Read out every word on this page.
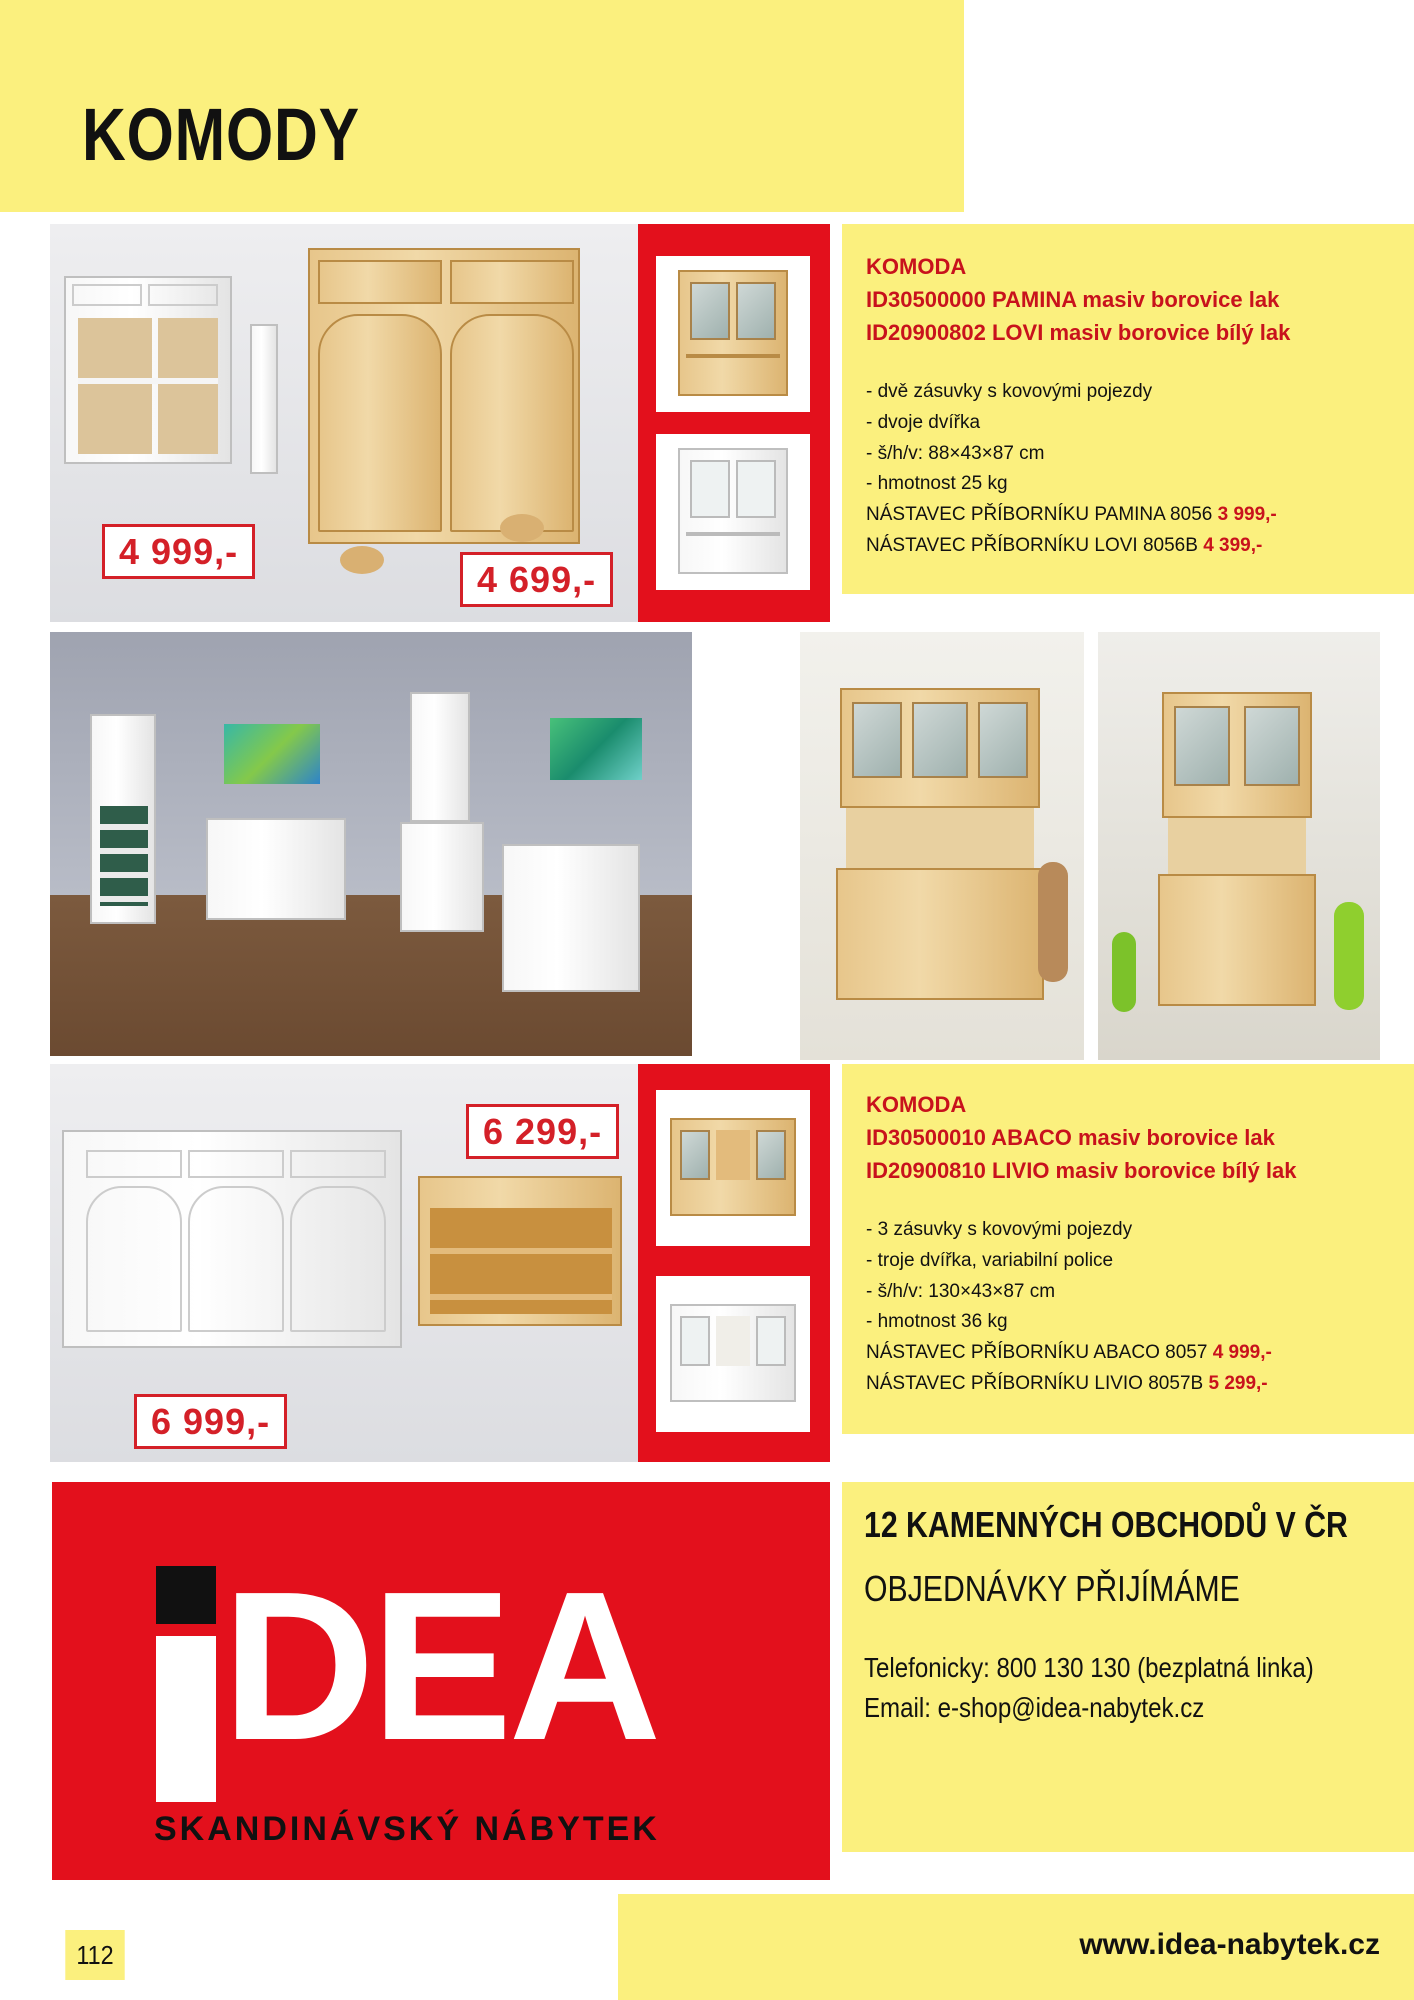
KOMODY
4 999,-
4 699,-
KOMODA
ID30500000 PAMINA masiv borovice lak
ID20900802 LOVI masiv borovice bílý lak
- dvě zásuvky s kovovými pojezdy
- dvoje dvířka
- š/h/v: 88×43×87 cm
- hmotnost 25 kg
NÁSTAVEC PŘÍBORNÍKU PAMINA 8056 3 999,-
NÁSTAVEC PŘÍBORNÍKU LOVI 8056B 4 399,-
6 299,-
6 999,-
KOMODA
ID30500010 ABACO masiv borovice lak
ID20900810 LIVIO masiv borovice bílý lak
- 3 zásuvky s kovovými pojezdy
- troje dvířka, variabilní police
- š/h/v: 130×43×87 cm
- hmotnost 36 kg
NÁSTAVEC PŘÍBORNÍKU ABACO 8057 4 999,-
NÁSTAVEC PŘÍBORNÍKU LIVIO 8057B 5 299,-
DEA
SKANDINÁVSKÝ NÁBYTEK
12 KAMENNÝCH OBCHODŮ V ČR
OBJEDNÁVKY PŘIJÍMÁME
Telefonicky: 800 130 130 (bezplatná linka)
Email: e-shop@idea-nabytek.cz
www.idea-nabytek.cz
112
